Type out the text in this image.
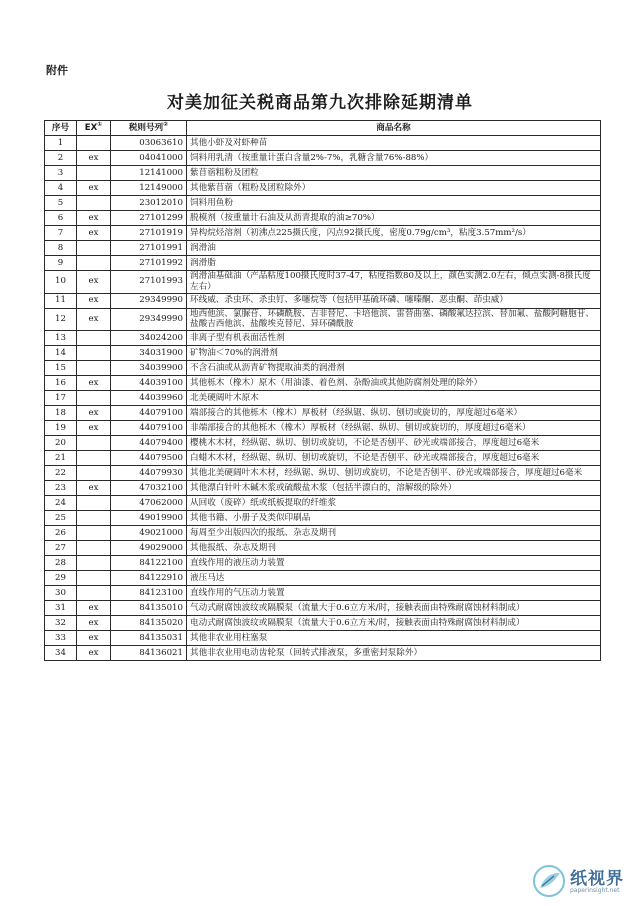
附件
对美加征关税商品第九次排除延期清单
序号	EX①	税则号列②	商品名称
1		03063610	其他小虾及对虾种苗
2	ex	04041000	饲料用乳清（按重量计蛋白含量2%-7%，乳糖含量76%-88%）
3		12141000	紫苜蓿粗粉及团粒
4	ex	12149000	其他紫苜蓿（粗粉及团粒除外）
5		23012010	饲料用鱼粉
6	ex	27101299	脱模剂（按重量计石油及从沥青提取的油≥70%）
7	ex	27101919	异构烷烃溶剂（初沸点225摄氏度，闪点92摄氏度，密度0.79g/cm³，粘度3.57mm²/s）
8		27101991	润滑油
9		27101992	润滑脂
10	ex	27101993	润滑油基础油（产品粘度100摄氏度时37-47，粘度指数80及以上，颜色实测2.0左右，倾点实测-8摄氏度左右）
11	ex	29349990	环线威、杀虫环、杀虫钉、多噻烷等（包括甲基硫环磷、噻嗪酮、恶虫酮、茚虫威）
12	ex	29349990	地西他滨、氯脲苷、环磷酰胺、吉非替尼、卡培他滨、雷替曲塞、磷酸氟达拉滨、替加氟、盐酸阿糖胞苷、盐酸吉西他滨、盐酸埃克替尼、异环磷酰胺
13		34024200	非离子型有机表面活性剂
14		34031900	矿物油＜70%的润滑剂
15		34039900	不含石油或从沥青矿物提取油类的润滑剂
16	ex	44039100	其他栎木（橡木）原木（用油漆、着色剂、杂酚油或其他防腐剂处理的除外）
17		44039960	北美硬阔叶木原木
18	ex	44079100	端部接合的其他栎木（橡木）厚板材（经纵锯、纵切、刨切或旋切的，厚度超过6毫米）
19	ex	44079100	非端部接合的其他栎木（橡木）厚板材（经纵锯、纵切、刨切或旋切的，厚度超过6毫米）
20		44079400	樱桃木木材，经纵锯、纵切、刨切或旋切，不论是否刨平、砂光或端部接合，厚度超过6毫米
21		44079500	白蜡木木材，经纵锯、纵切、刨切或旋切，不论是否刨平、砂光或端部接合，厚度超过6毫米
22		44079930	其他北美硬阔叶木木材，经纵锯、纵切、刨切或旋切，不论是否刨平、砂光或端部接合，厚度超过6毫米
23	ex	47032100	其他漂白针叶木碱木浆或硫酸盐木浆（包括半漂白的，溶解级的除外）
24		47062000	从回收（废碎）纸或纸板提取的纤维浆
25		49019900	其他书籍、小册子及类似印刷品
26		49021000	每周至少出版四次的报纸、杂志及期刊
27		49029000	其他报纸、杂志及期刊
28		84122100	直线作用的液压动力装置
29		84122910	液压马达
30		84123100	直线作用的气压动力装置
31	ex	84135010	气动式耐腐蚀波纹或隔膜泵（流量大于0.6立方米/时，接触表面由特殊耐腐蚀材料制成）
32	ex	84135020	电动式耐腐蚀波纹或隔膜泵（流量大于0.6立方米/时，接触表面由特殊耐腐蚀材料制成）
33	ex	84135031	其他非农业用柱塞泵
34	ex	84136021	其他非农业用电动齿轮泵（回转式排液泵，多重密封泵除外）
纸视界
paperinsight.net
